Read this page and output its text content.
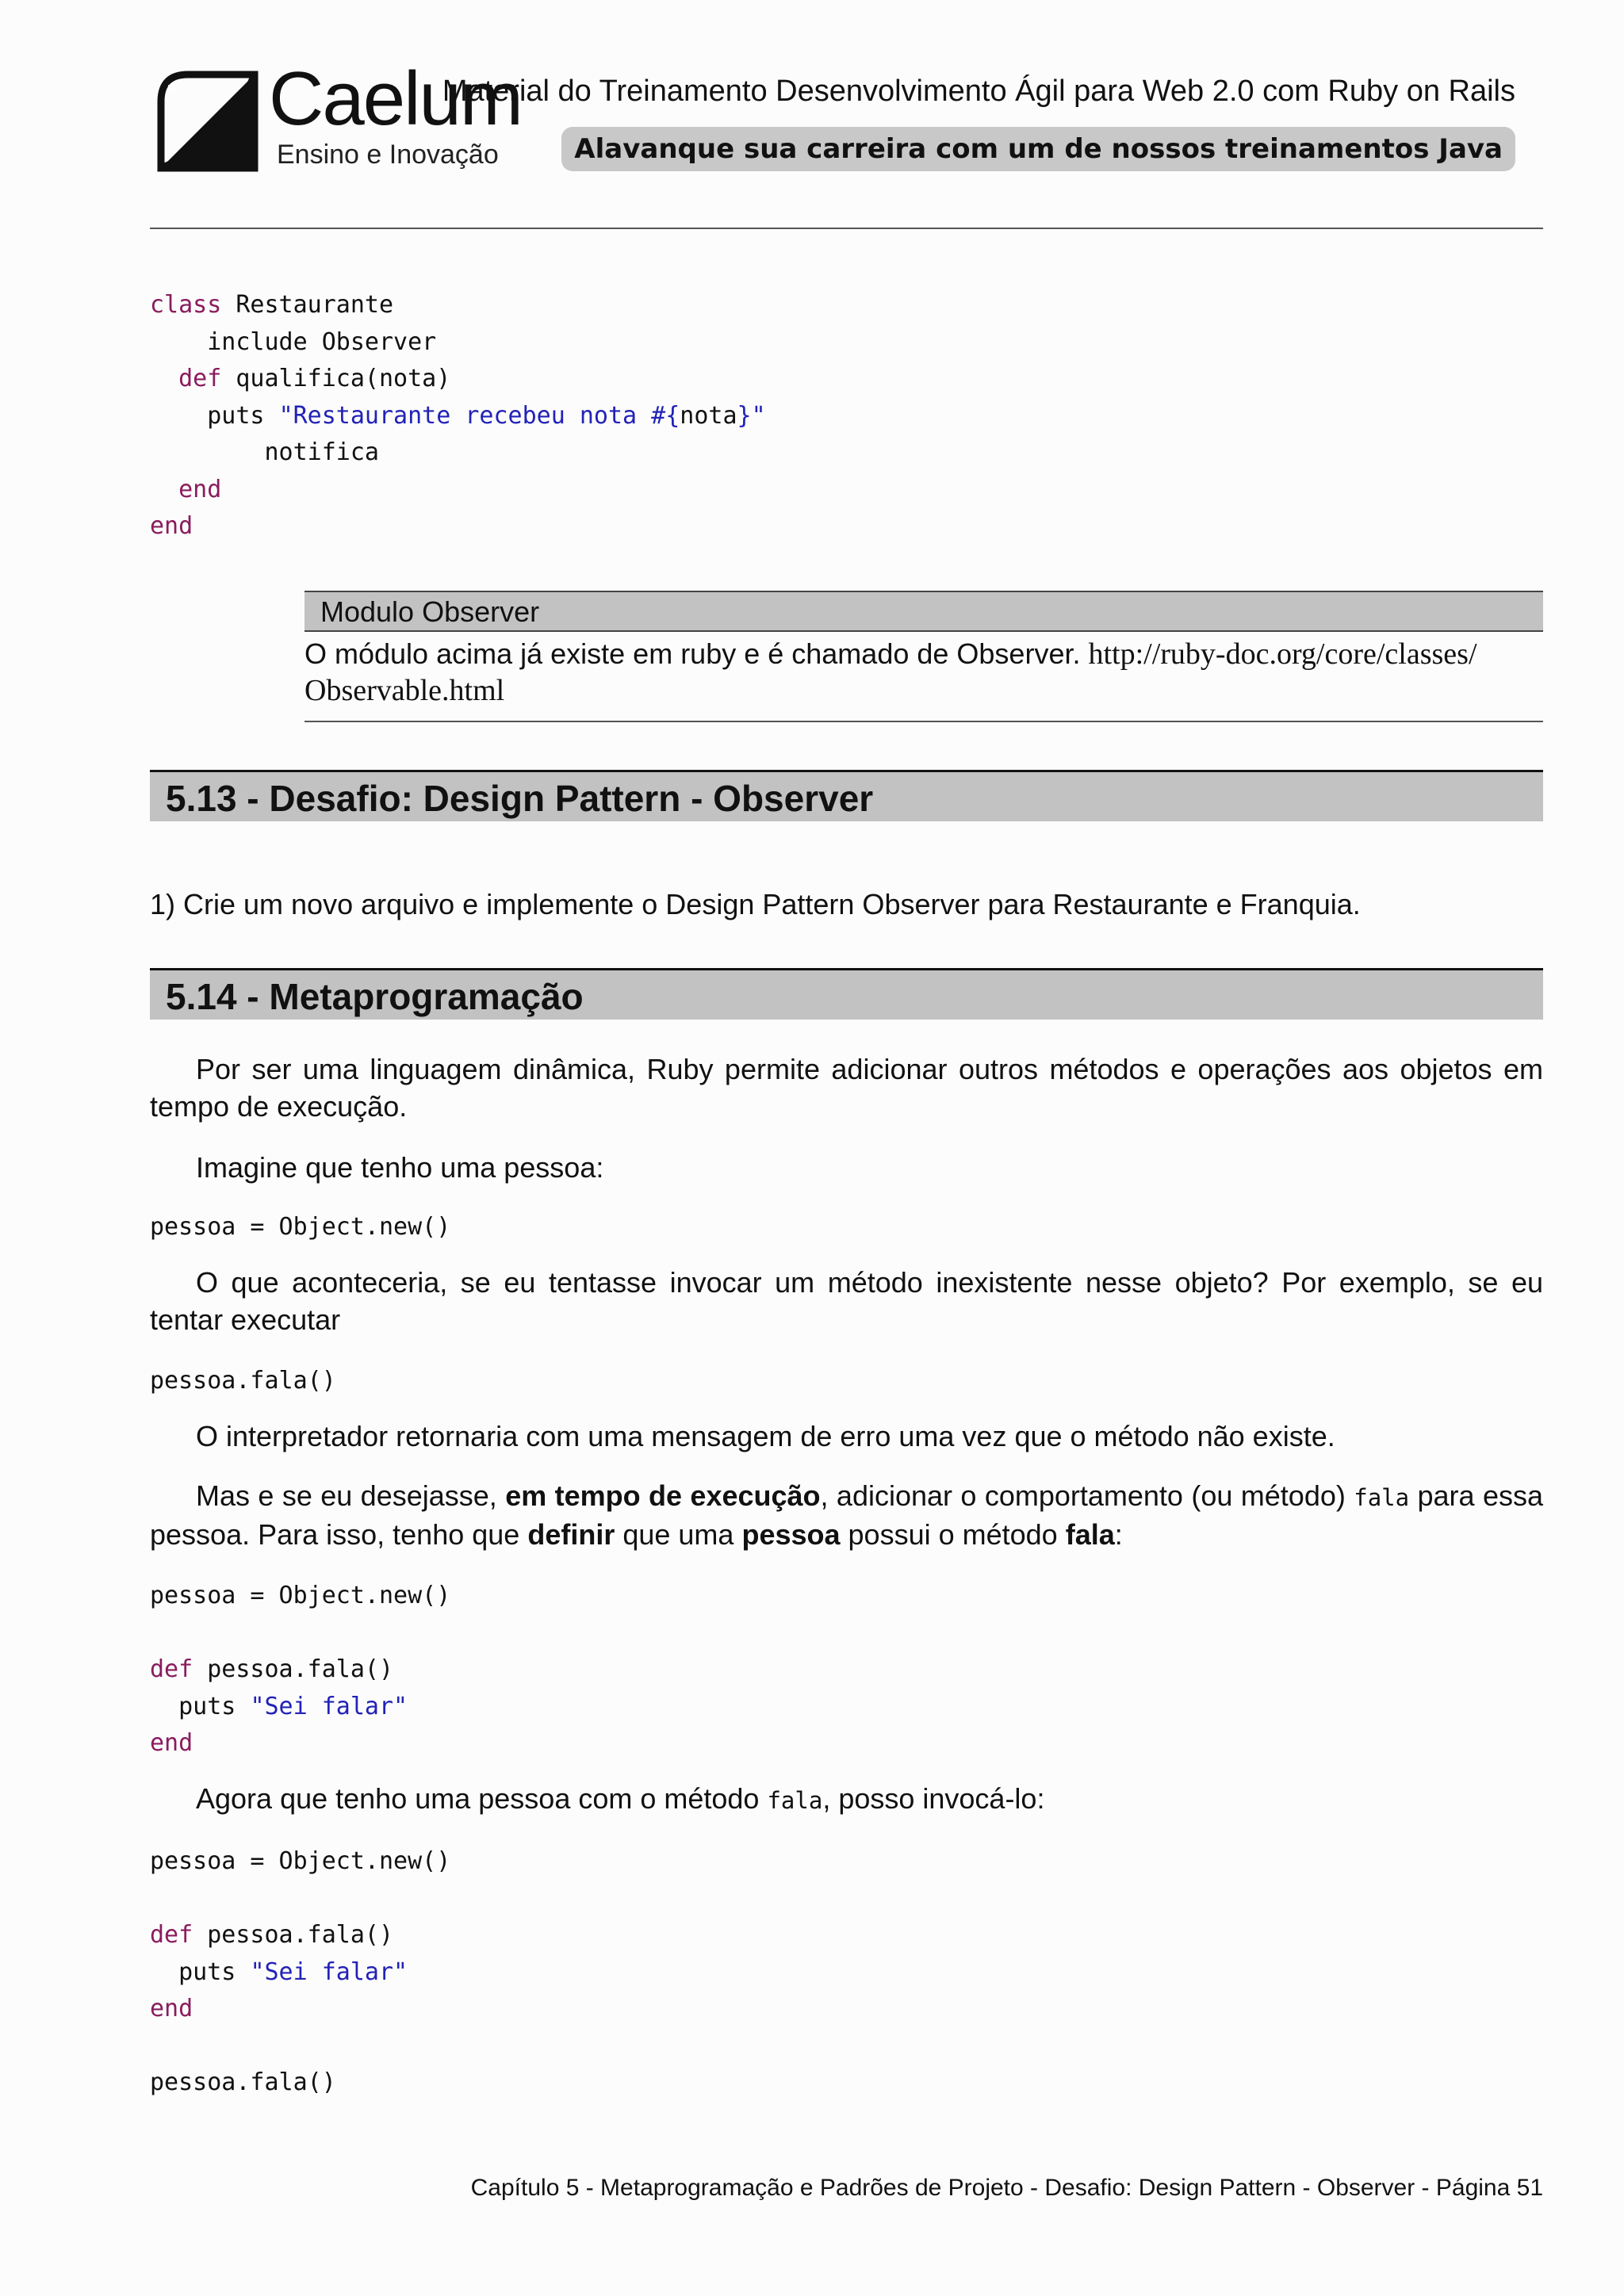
* Caelum
Ensino e Inovação
Material do Treinamento Desenvolvimento Ágil para Web 2.0 com Ruby on Rails
Alavanque sua carreira com um de nossos treinamentos Java
class Restaurante
include Observer
def qualifica(nota)
puts "Restaurante recebeu nota #{nota}"
notifica
end
end
Modulo Observer
O módulo acima já existe em ruby e é chamado de Observer. http://ruby-doc.org/core/classes/
Observable.html
5.13 - Desafio: Design Pattern - Observer
1) Crie um novo arquivo e implemente o Design Pattern Observer para Restaurante e Franquia.
5.14 - Metaprogramação
Por ser uma linguagem dinâmica, Ruby permite adicionar outros métodos e operações aos objetos em tempo de execução.
Imagine que tenho uma pessoa:
pessoa = Object.new()
O que aconteceria, se eu tentasse invocar um método inexistente nesse objeto? Por exemplo, se eu tentar executar
pessoa.fala()
O interpretador retornaria com uma mensagem de erro uma vez que o método não existe.
Mas e se eu desejasse, em tempo de execução, adicionar o comportamento (ou método) fala para essa pessoa. Para isso, tenho que definir que uma pessoa possui o método fala:
pessoa = Object.new()

def pessoa.fala()
puts "Sei falar"
end
Agora que tenho uma pessoa com o método fala, posso invocá-lo:
pessoa = Object.new()

def pessoa.fala()
puts "Sei falar"
end

pessoa.fala()
Capítulo 5 - Metaprogramação e Padrões de Projeto - Desafio: Design Pattern - Observer - Página 51
